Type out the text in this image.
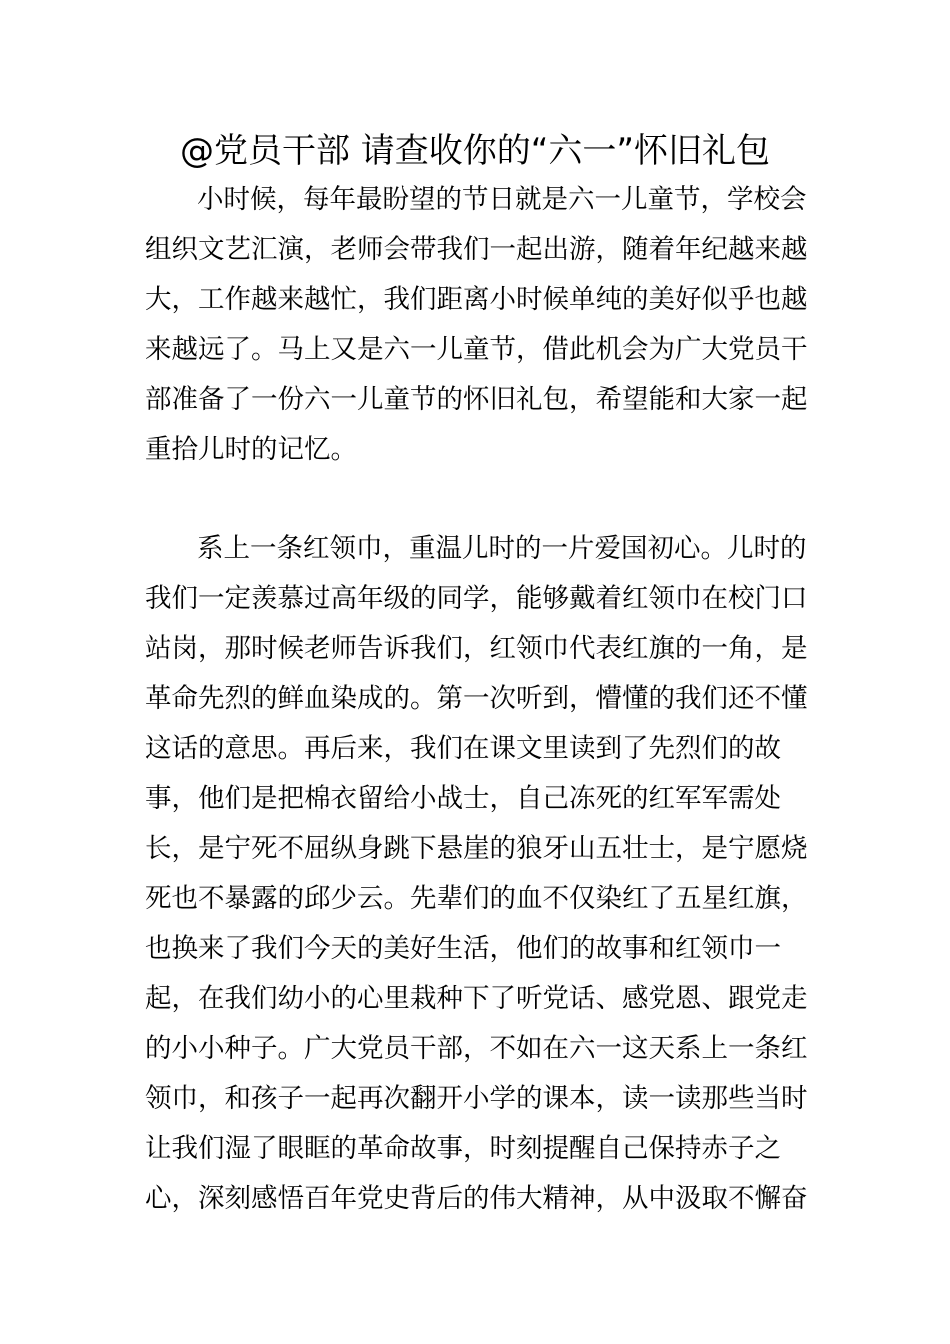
@党员干部 请查收你的“六一”怀旧礼包
小时候，每年最盼望的节日就是六一儿童节，学校会
组织文艺汇演，老师会带我们一起出游，随着年纪越来越
大，工作越来越忙，我们距离小时候单纯的美好似乎也越
来越远了。马上又是六一儿童节，借此机会为广大党员干
部准备了一份六一儿童节的怀旧礼包，希望能和大家一起
重拾儿时的记忆。
系上一条红领巾，重温儿时的一片爱国初心。儿时的
我们一定羡慕过高年级的同学，能够戴着红领巾在校门口
站岗，那时候老师告诉我们，红领巾代表红旗的一角，是
革命先烈的鲜血染成的。第一次听到，懵懂的我们还不懂
这话的意思。再后来，我们在课文里读到了先烈们的故
事，他们是把棉衣留给小战士，自己冻死的红军军需处
长，是宁死不屈纵身跳下悬崖的狼牙山五壮士，是宁愿烧
死也不暴露的邱少云。先辈们的血不仅染红了五星红旗，
也换来了我们今天的美好生活，他们的故事和红领巾一
起，在我们幼小的心里栽种下了听党话、感党恩、跟党走
的小小种子。广大党员干部，不如在六一这天系上一条红
领巾，和孩子一起再次翻开小学的课本，读一读那些当时
让我们湿了眼眶的革命故事，时刻提醒自己保持赤子之
心，深刻感悟百年党史背后的伟大精神，从中汲取不懈奋
